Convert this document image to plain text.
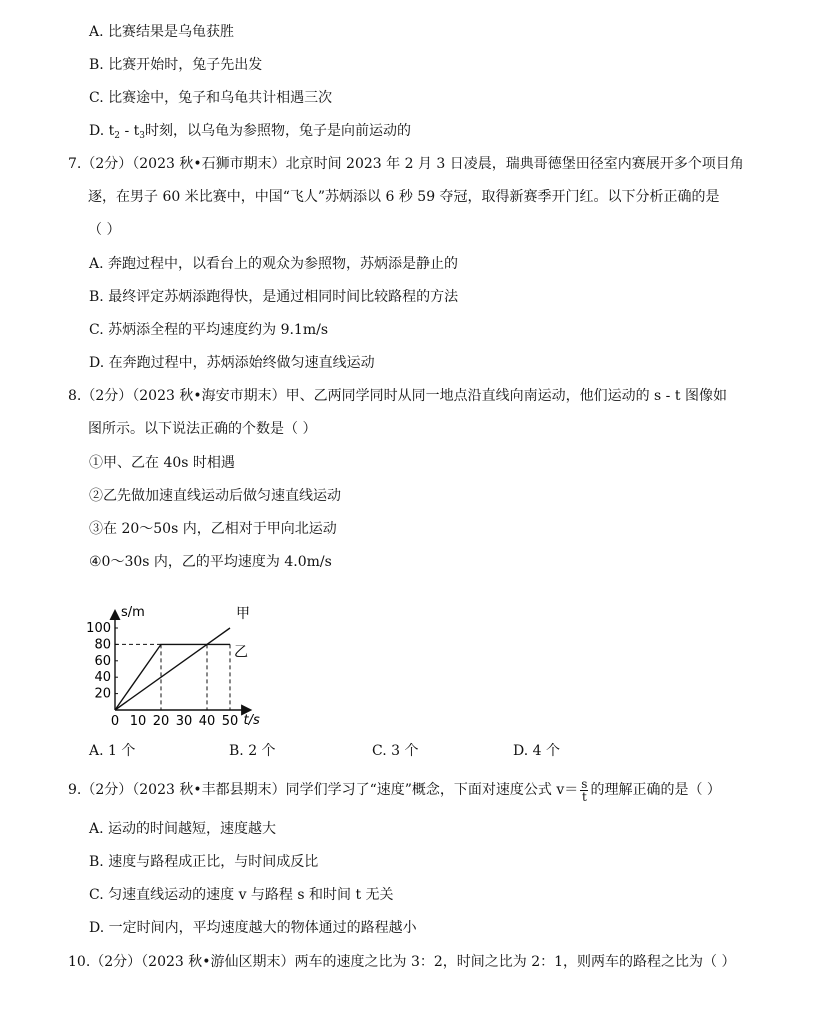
A. 比赛结果是乌龟获胜
B. 比赛开始时，兔子先出发
C. 比赛途中，兔子和乌龟共计相遇三次
D. $t_2 - t_3$时刻，以乌龟为参照物，兔子是向前运动的
7.（2分）（2023 秋•石狮市期末）北京时间 2023 年 2 月 3 日凌晨，瑞典哥德堡田径室内赛展开多个项目角
逐，在男子 60 米比赛中，中国“飞人”苏炳添以 6 秒 59 夺冠，取得新赛季开门红。以下分析正确的是
（ ）
A. 奔跑过程中，以看台上的观众为参照物，苏炳添是静止的
B. 最终评定苏炳添跑得快，是通过相同时间比较路程的方法
C. 苏炳添全程的平均速度约为 9.1m/s
D. 在奔跑过程中，苏炳添始终做匀速直线运动
8.（2分）（2023 秋•海安市期末）甲、乙两同学同时从同一地点沿直线向南运动，他们运动的 s - t 图像如
图所示。以下说法正确的个数是（ ）
①甲、乙在 40s 时相遇
②乙先做加速直线运动后做匀速直线运动
③在 20～50s 内，乙相对于甲向北运动
④0～30s 内，乙的平均速度为 4.0m/s
t/s
s/m
0 10 20 30 40 50
20
40
60
80
100
甲
乙
A. 1 个	B. 2 个	C. 3 个	D. 4 个
9.（2分）（2023 秋•丰都县期末）同学们学习了“速度”概念，下面对速度公式 $v= \frac{s}{t}$ 的理解正确的是（ ）
A. 运动的时间越短，速度越大
B. 速度与路程成正比，与时间成反比
C. 匀速直线运动的速度 v 与路程 s 和时间 t 无关
D. 一定时间内，平均速度越大的物体通过的路程越小
10.（2分）（2023 秋•游仙区期末）两车的速度之比为 3：2，时间之比为 2：1，则两车的路程之比为（ ）
